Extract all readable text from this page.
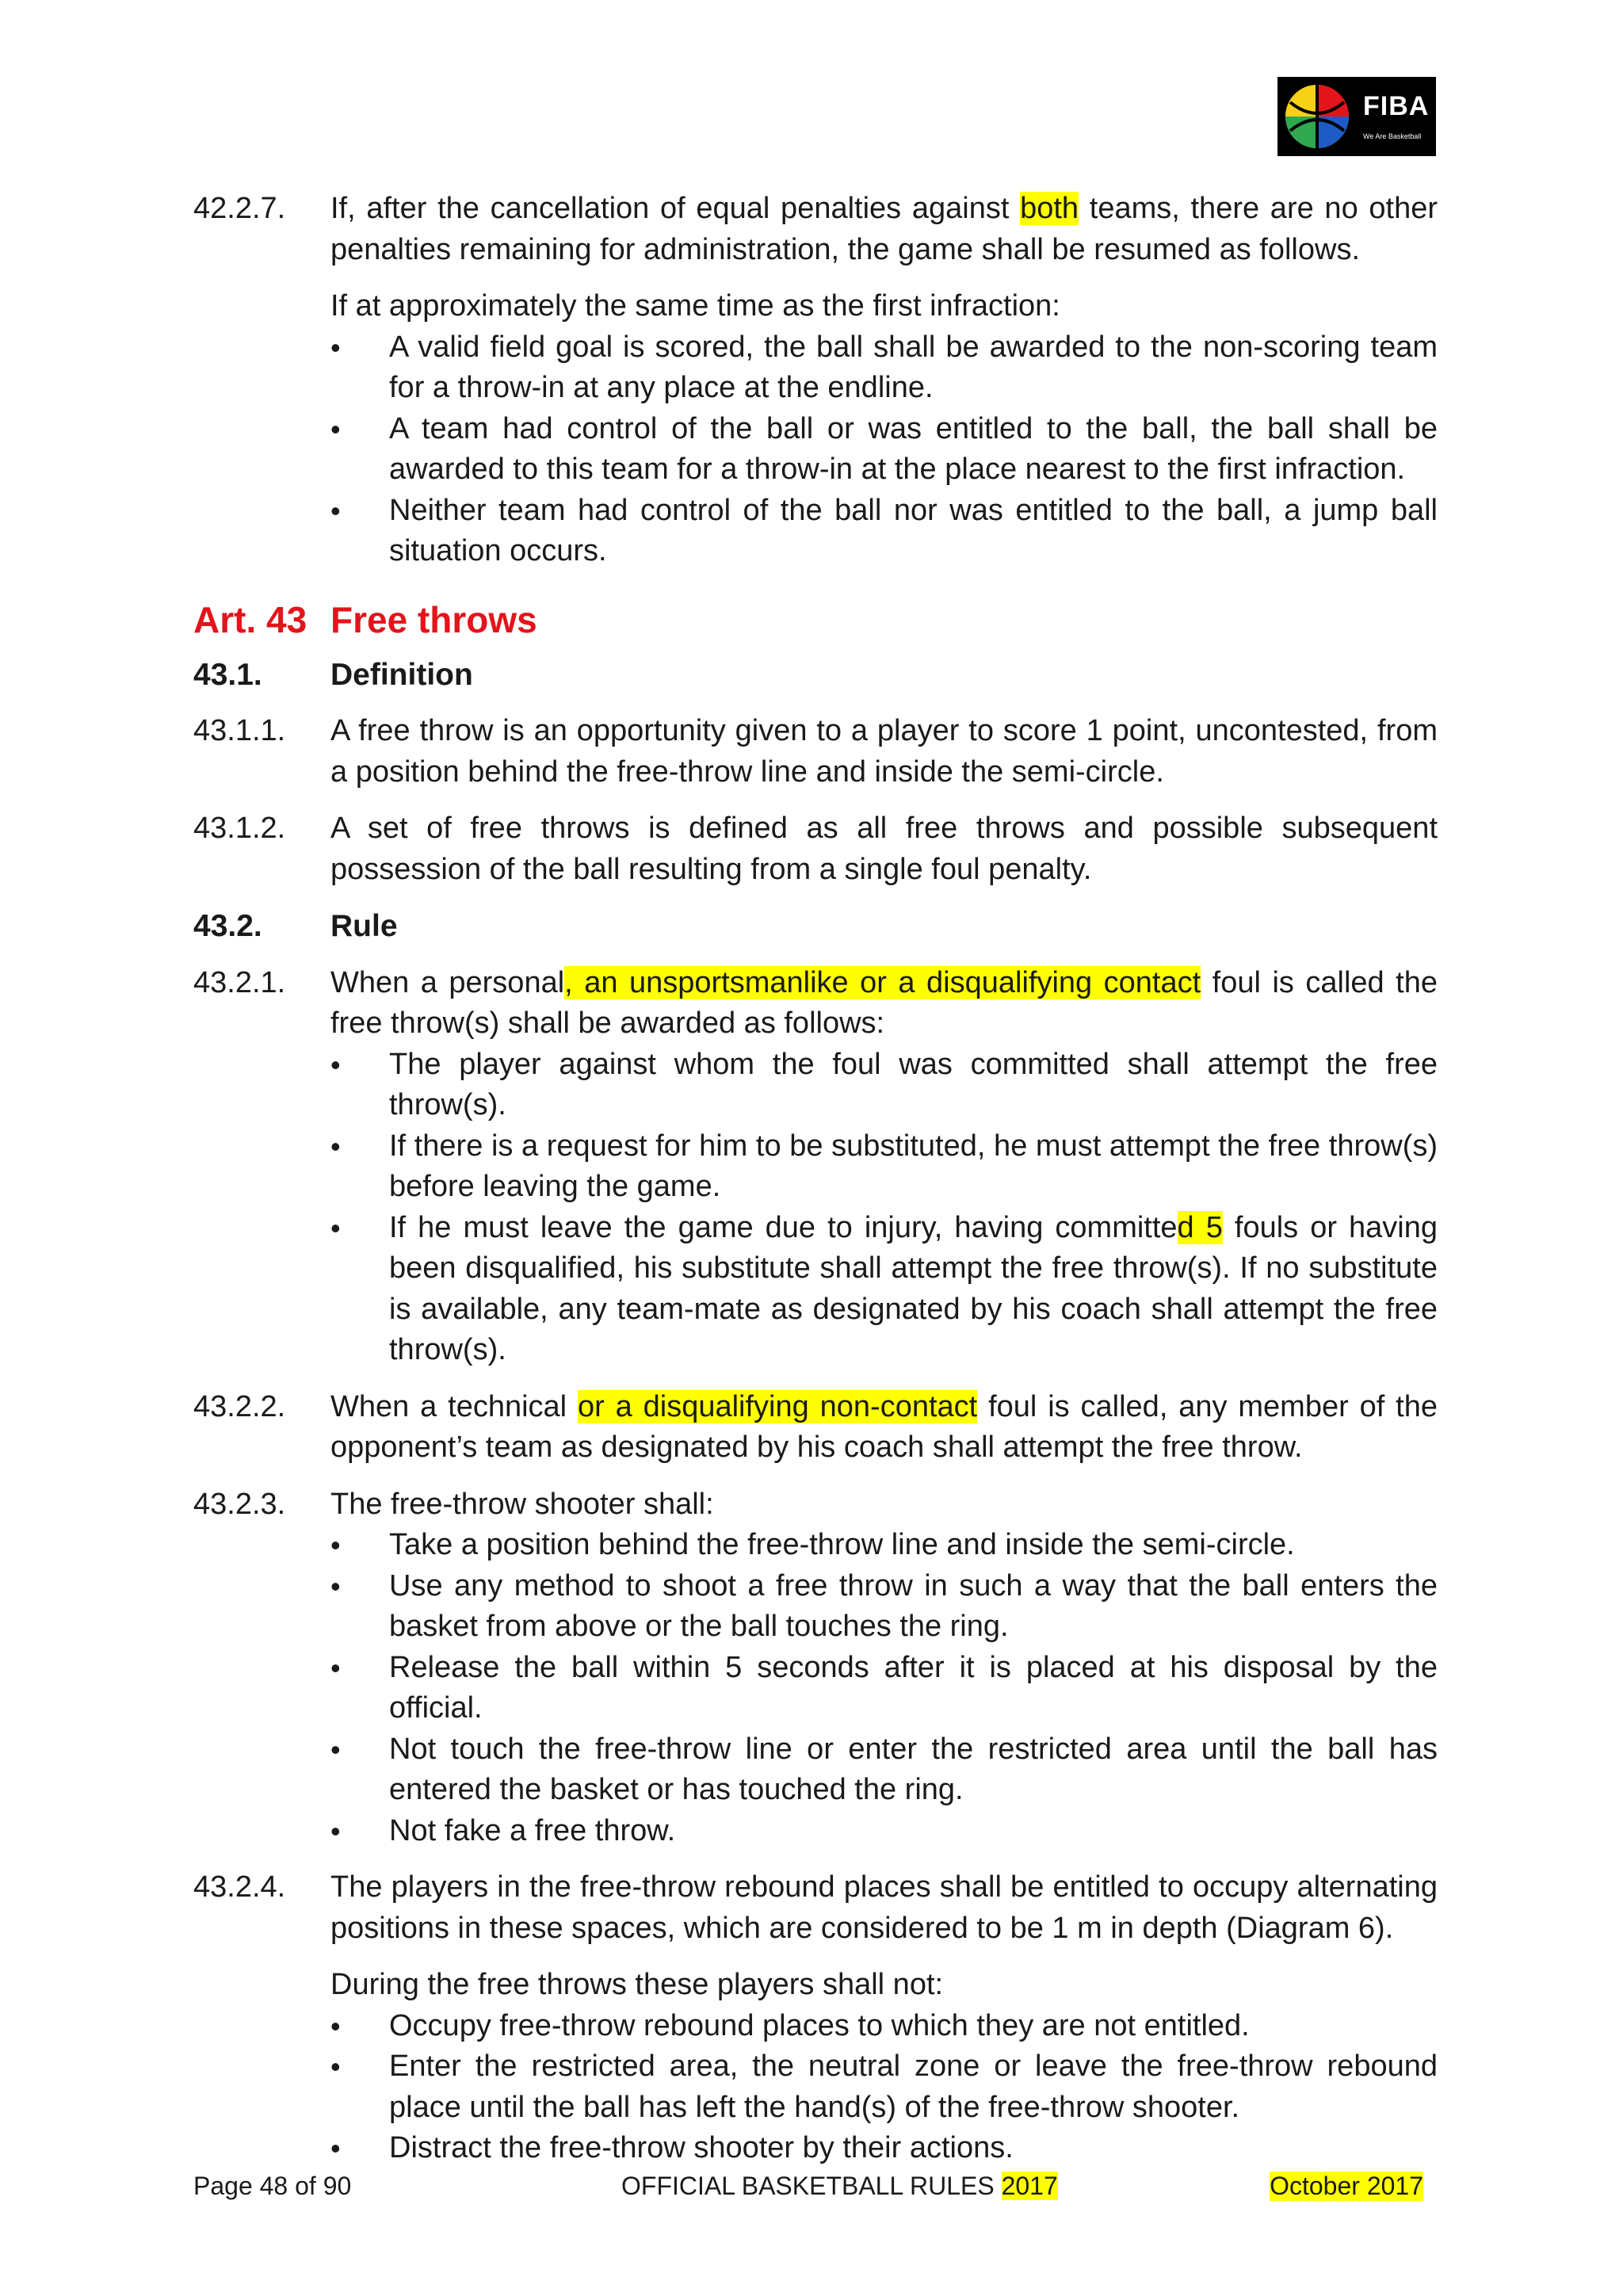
FIBA
We Are Basketball
42.2.7.	If, after the cancellation of equal penalties against both teams, there are no other penalties remaining for administration, the game shall be resumed as follows.

If at approximately the same time as the first infraction:

• A valid field goal is scored, the ball shall be awarded to the non-scoring team for a throw-in at any place at the endline.
• A team had control of the ball or was entitled to the ball, the ball shall be awarded to this team for a throw-in at the place nearest to the first infraction.
• Neither team had control of the ball nor was entitled to the ball, a jump ball situation occurs.
Art. 43 Free throws
43.1.	Definition
43.1.1.	A free throw is an opportunity given to a player to score 1 point, uncontested, from a position behind the free-throw line and inside the semi-circle.

43.1.2.	A set of free throws is defined as all free throws and possible subsequent possession of the ball resulting from a single foul penalty.

43.2.	Rule
43.2.1.	When a personal, an unsportsmanlike or a disqualifying contact foul is called the free throw(s) shall be awarded as follows:

• The player against whom the foul was committed shall attempt the free throw(s).
• If there is a request for him to be substituted, he must attempt the free throw(s) before leaving the game.
• If he must leave the game due to injury, having committed 5 fouls or having been disqualified, his substitute shall attempt the free throw(s). If no substitute is available, any team-mate as designated by his coach shall attempt the free throw(s).
43.2.2.	When a technical or a disqualifying non-contact foul is called, any member of the opponent’s team as designated by his coach shall attempt the free throw.

43.2.3.	The free-throw shooter shall:

• Take a position behind the free-throw line and inside the semi-circle.
• Use any method to shoot a free throw in such a way that the ball enters the basket from above or the ball touches the ring.
• Release the ball within 5 seconds after it is placed at his disposal by the official.
• Not touch the free-throw line or enter the restricted area until the ball has entered the basket or has touched the ring.
• Not fake a free throw.
43.2.4.	The players in the free-throw rebound places shall be entitled to occupy alternating positions in these spaces, which are considered to be 1 m in depth (Diagram 6).

During the free throws these players shall not:

• Occupy free-throw rebound places to which they are not entitled.
• Enter the restricted area, the neutral zone or leave the free-throw rebound place until the ball has left the hand(s) of the free-throw shooter.
• Distract the free-throw shooter by their actions.
Page 48 of 90	OFFICIAL BASKETBALL RULES 2017	October 2017
